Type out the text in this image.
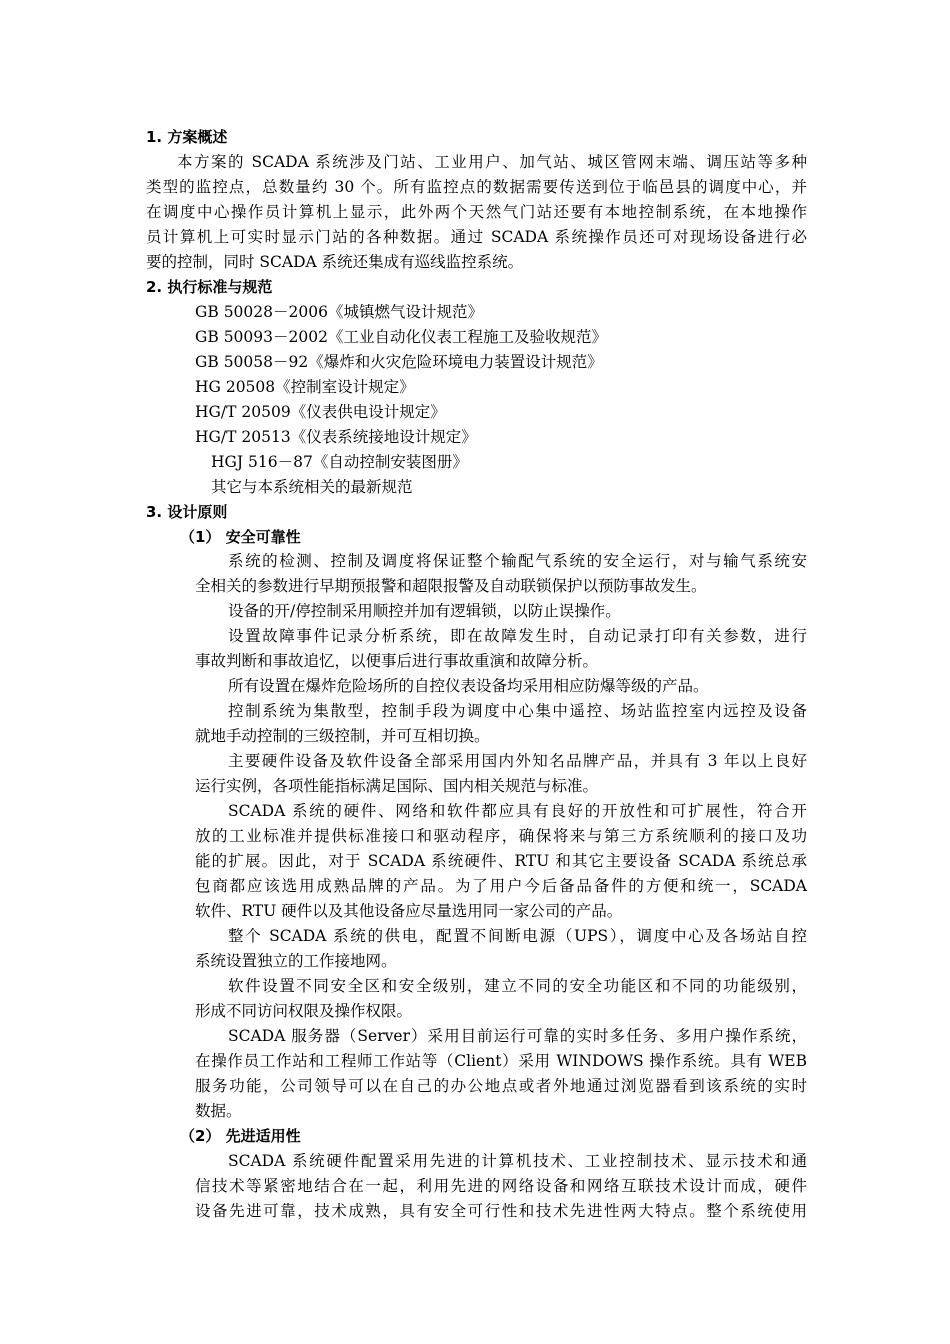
1. 方案概述
本方案的 SCADA 系统涉及门站、工业用户、加气站、城区管网末端、调压站等多种
类型的监控点，总数量约 30 个。所有监控点的数据需要传送到位于临邑县的调度中心，并
在调度中心操作员计算机上显示，此外两个天然气门站还要有本地控制系统，在本地操作
员计算机上可实时显示门站的各种数据。通过 SCADA 系统操作员还可对现场设备进行必
要的控制，同时 SCADA 系统还集成有巡线监控系统。
2. 执行标准与规范
GB 50028－2006《城镇燃气设计规范》
GB 50093－2002《工业自动化仪表工程施工及验收规范》
GB 50058－92《爆炸和火灾危险环境电力装置设计规范》
HG 20508《控制室设计规定》
HG/T 20509《仪表供电设计规定》
HG/T 20513《仪表系统接地设计规定》
HGJ 516－87《自动控制安装图册》
其它与本系统相关的最新规范
3. 设计原则
（1） 安全可靠性
系统的检测、控制及调度将保证整个输配气系统的安全运行，对与输气系统安
全相关的参数进行早期预报警和超限报警及自动联锁保护以预防事故发生。
设备的开/停控制采用顺控并加有逻辑锁，以防止误操作。
设置故障事件记录分析系统，即在故障发生时，自动记录打印有关参数，进行
事故判断和事故追忆，以便事后进行事故重演和故障分析。
所有设置在爆炸危险场所的自控仪表设备均采用相应防爆等级的产品。
控制系统为集散型，控制手段为调度中心集中遥控、场站监控室内远控及设备
就地手动控制的三级控制，并可互相切换。
主要硬件设备及软件设备全部采用国内外知名品牌产品，并具有 3 年以上良好
运行实例，各项性能指标满足国际、国内相关规范与标准。
SCADA 系统的硬件、网络和软件都应具有良好的开放性和可扩展性，符合开
放的工业标准并提供标准接口和驱动程序，确保将来与第三方系统顺利的接口及功
能的扩展。因此，对于 SCADA 系统硬件、RTU 和其它主要设备 SCADA 系统总承
包商都应该选用成熟品牌的产品。为了用户今后备品备件的方便和统一，SCADA
软件、RTU 硬件以及其他设备应尽量选用同一家公司的产品。
整个 SCADA 系统的供电，配置不间断电源（UPS），调度中心及各场站自控
系统设置独立的工作接地网。
软件设置不同安全区和安全级别，建立不同的安全功能区和不同的功能级别，
形成不同访问权限及操作权限。
SCADA 服务器（Server）采用目前运行可靠的实时多任务、多用户操作系统，
在操作员工作站和工程师工作站等（Client）采用 WINDOWS 操作系统。具有 WEB
服务功能，公司领导可以在自己的办公地点或者外地通过浏览器看到该系统的实时
数据。
（2） 先进适用性
SCADA 系统硬件配置采用先进的计算机技术、工业控制技术、显示技术和通
信技术等紧密地结合在一起，利用先进的网络设备和网络互联技术设计而成，硬件
设备先进可靠，技术成熟，具有安全可行性和技术先进性两大特点。整个系统使用
